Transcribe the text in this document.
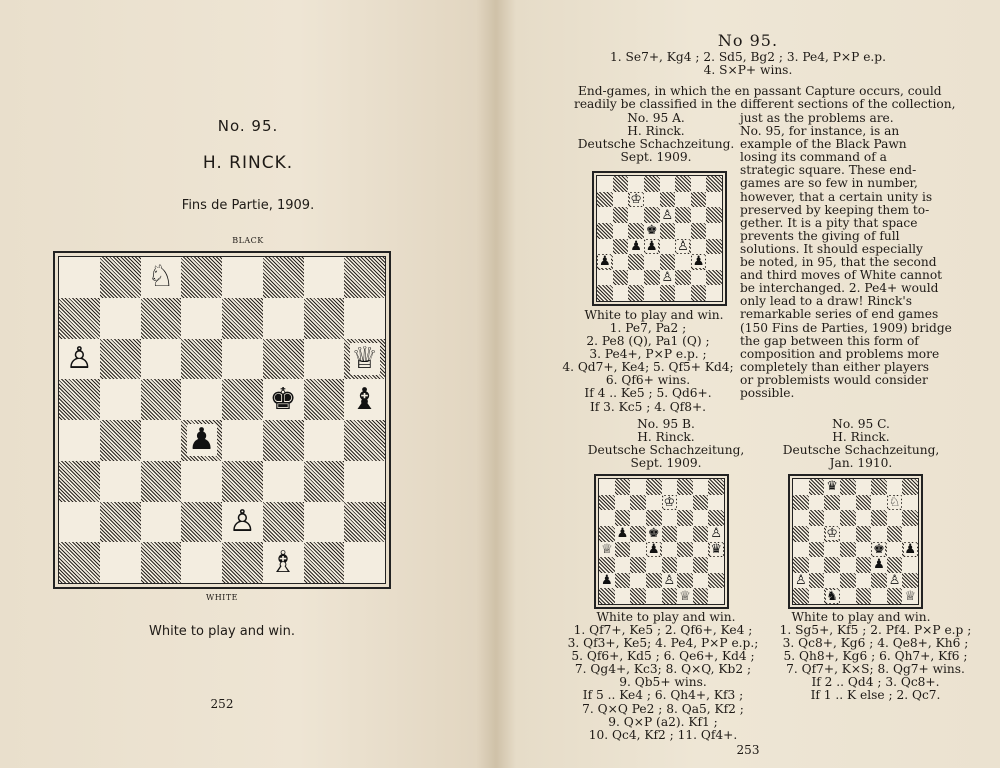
No. 95.
H. RINCK.
Fins de Partie, 1909.
BLACK
♘
♙	♕
♚ ♝
♟
♙
♗
WHITE
White to play and win.
252
No 95.
1. Se7+, Kg4 ; 2. Sd5, Bg2 ; 3. Pe4, P×P e.p.
4. S×P+ wins.
End-games, in which the en passant Capture occurs, could
readily be classified in the different sections of the collection,
No. 95 A.
H. Rinck.
Deutsche Schachzeitung.
Sept. 1909.
♔
♙
♚
♟ ♟ ♙
♟	♟
♙
just as the problems are.
No. 95, for instance, is an
example of the Black Pawn
losing its command of a
strategic square. These end-
games are so few in number,
however, that a certain unity is
preserved by keeping them to-
gether. It is a pity that space
prevents the giving of full
solutions. It should especially
be noted, in 95, that the second
and third moves of White cannot
be interchanged. 2. Pe4+ would
only lead to a draw! Rinck's
remarkable series of end games
(150 Fins de Parties, 1909) bridge
the gap between this form of
composition and problems more
completely than either players
or problemists would consider
possible.
White to play and win.
1. Pe7, Pa2 ;
2. Pe8 (Q), Pa1 (Q) ;
3. Pe4+, P×P e.p. ;
4. Qd7+, Ke4; 5. Qf5+ Kd4;
6. Qf6+ wins.
If 4 .. Ke5 ; 5. Qd6+.
If 3. Kc5 ; 4. Qf8+.
No. 95 B.
H. Rinck.
Deutsche Schachzeitung,
Sept. 1909.
♔
♟ ♚	♙
♕	♟	♛
♟	♙
♕
White to play and win.
1. Qf7+, Ke5 ; 2. Qf6+, Ke4 ;
3. Qf3+, Ke5; 4. Pe4, P×P e.p.;
5. Qf6+, Kd5 ; 6. Qe6+, Kd4 ;
7. Qg4+, Kc3; 8. Q×Q, Kb2 ;
9. Qb5+ wins.
If 5 .. Ke4 ; 6. Qh4+, Kf3 ;
7. Q×Q Pe2 ; 8. Qa5, Kf2 ;
9. Q×P (a2). Kf1 ;
10. Qc4, Kf2 ; 11. Qf4+.
No. 95 C.
H. Rinck.
Deutsche Schachzeitung,
Jan. 1910.
♛
♘
♔
♚ ♟
♟
♙	♙
♞	♕
White to play and win.
1. Sg5+, Kf5 ; 2. Pf4. P×P e.p ;
3. Qc8+, Kg6 ; 4. Qe8+, Kh6 ;
5. Qh8+, Kg6 ; 6. Qh7+, Kf6 ;
7. Qf7+, K×S; 8. Qg7+ wins.
If 2 .. Qd4 ; 3. Qc8+.
If 1 .. K else ; 2. Qc7.
253
